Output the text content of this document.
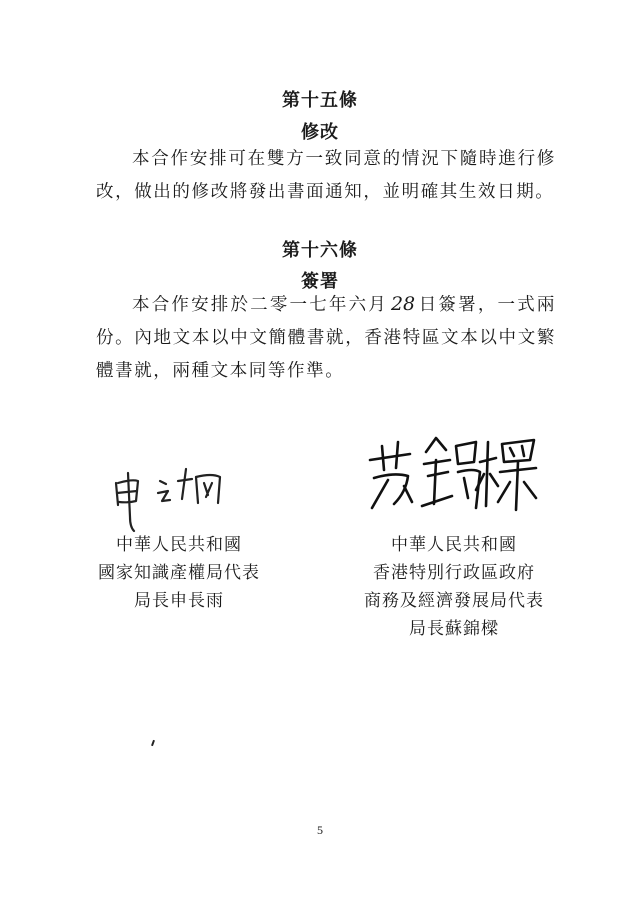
第十五條
修改
本合作安排可在雙方一致同意的情況下隨時進行修改，做出的修改將發出書面通知，並明確其生效日期。
第十六條
簽署
本合作安排於二零一七年六月 28 日簽署，一式兩份。內地文本以中文簡體書就，香港特區文本以中文繁體書就，兩種文本同等作準。
中華人民共和國
國家知識產權局代表
局長申長雨
中華人民共和國
香港特別行政區政府
商務及經濟發展局代表
局長蘇錦樑
5
